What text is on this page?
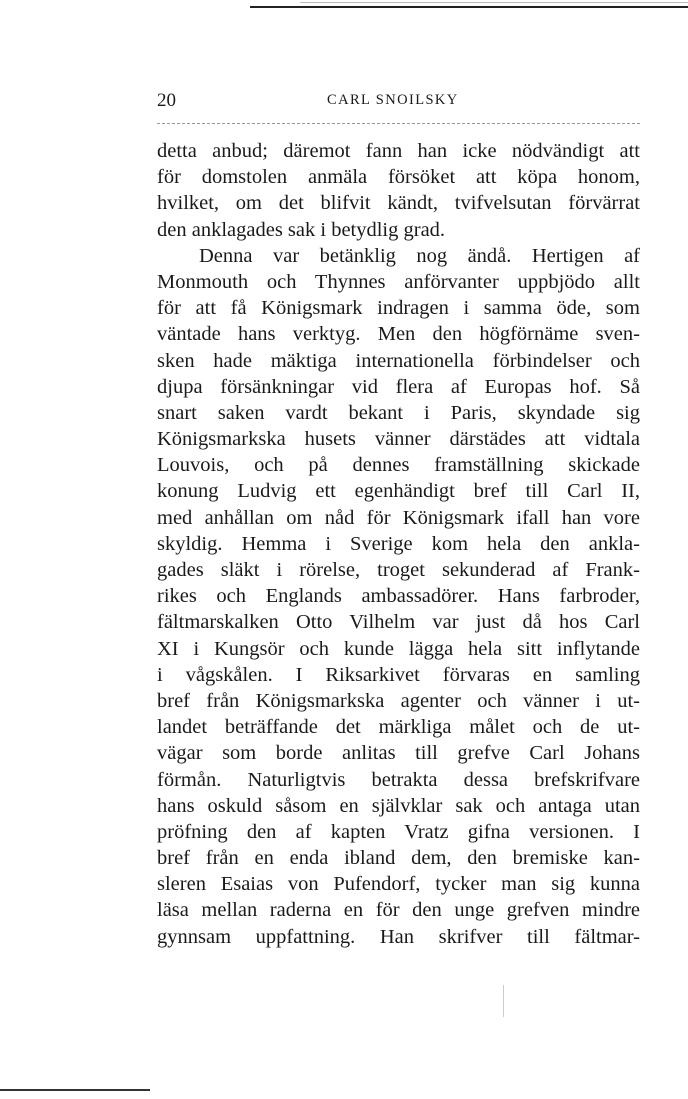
20	CARL SNOILSKY
detta anbud; däremot fann han icke nödvändigt att
för domstolen anmäla försöket att köpa honom,
hvilket, om det blifvit kändt, tvifvelsutan förvärrat
den anklagades sak i betydlig grad.
Denna var betänklig nog ändå. Hertigen af
Monmouth och Thynnes anförvanter uppbjödo allt
för att få Königsmark indragen i samma öde, som
väntade hans verktyg. Men den högförnäme sven-
sken hade mäktiga internationella förbindelser och
djupa försänkningar vid flera af Europas hof. Så
snart saken vardt bekant i Paris, skyndade sig
Königsmarkska husets vänner därstädes att vidtala
Louvois, och på dennes framställning skickade
konung Ludvig ett egenhändigt bref till Carl II,
med anhållan om nåd för Königsmark ifall han vore
skyldig. Hemma i Sverige kom hela den ankla-
gades släkt i rörelse, troget sekunderad af Frank-
rikes och Englands ambassadörer. Hans farbroder,
fältmarskalken Otto Vilhelm var just då hos Carl
XI i Kungsör och kunde lägga hela sitt inflytande
i vågskålen. I Riksarkivet förvaras en samling
bref från Königsmarkska agenter och vänner i ut-
landet beträffande det märkliga målet och de ut-
vägar som borde anlitas till grefve Carl Johans
förmån. Naturligtvis betrakta dessa brefskrifvare
hans oskuld såsom en självklar sak och antaga utan
pröfning den af kapten Vratz gifna versionen. I
bref från en enda ibland dem, den bremiske kan-
sleren Esaias von Pufendorf, tycker man sig kunna
läsa mellan raderna en för den unge grefven mindre
gynnsam uppfattning. Han skrifver till fältmar-
